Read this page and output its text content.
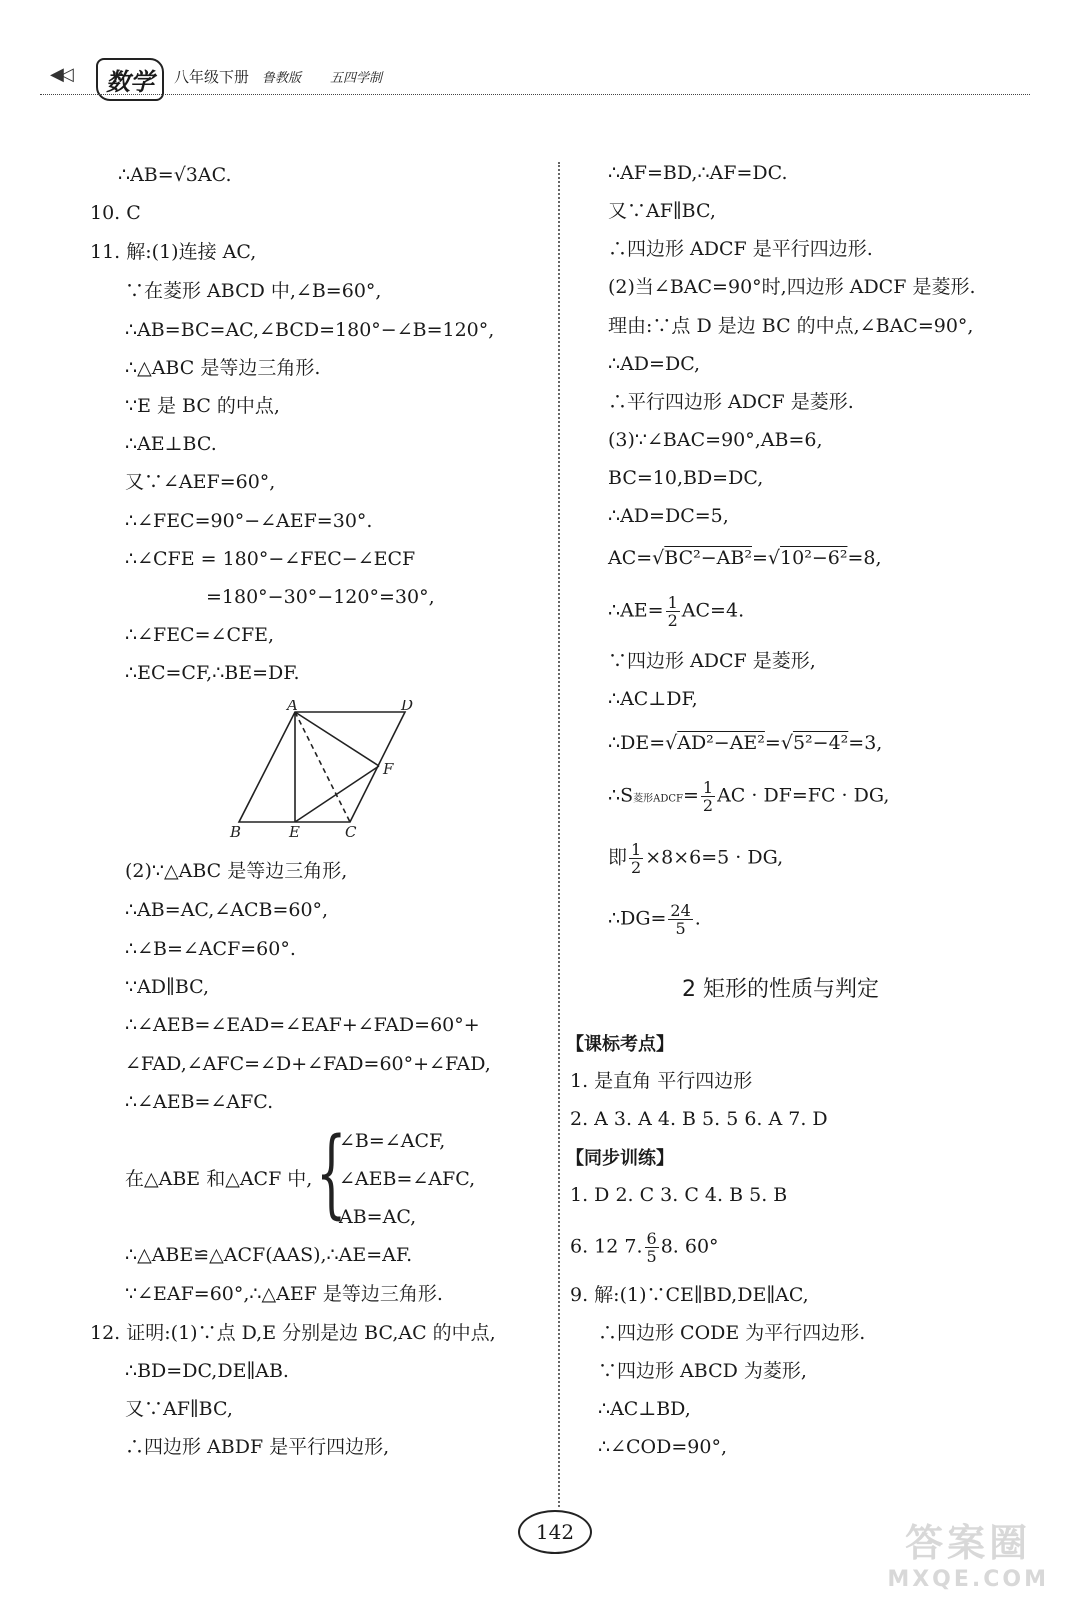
◀◁	数学	八年级下册 鲁教版 五四学制
∴AB=√3AC.
10. C
11. 解:(1)连接 AC,
∵在菱形 ABCD 中,∠B=60°,
∴AB=BC=AC,∠BCD=180°−∠B=120°,
∴△ABC 是等边三角形.
∵E 是 BC 的中点,
∴AE⊥BC.
又∵∠AEF=60°,
∴∠FEC=90°−∠AEF=30°.
∴∠CFE = 180°−∠FEC−∠ECF
=180°−30°−120°=30°,
∴∠FEC=∠CFE,
∴EC=CF,∴BE=DF.
A	D
F
B	E	C
(2)∵△ABC 是等边三角形,
∴AB=AC,∠ACB=60°,
∴∠B=∠ACF=60°.
∵AD∥BC,
∴∠AEB=∠EAD=∠EAF+∠FAD=60°+
∠FAD,∠AFC=∠D+∠FAD=60°+∠FAD,
∴∠AEB=∠AFC.
在△ABE 和△ACF 中, {
∠B=∠ACF,
∠AEB=∠AFC,
AB=AC,
∴△ABE≌△ACF(AAS),∴AE=AF.
∵∠EAF=60°,∴△AEF 是等边三角形.
12. 证明:(1)∵点 D,E 分别是边 BC,AC 的中点,
∴BD=DC,DE∥AB.
又∵AF∥BC,
∴四边形 ABDF 是平行四边形,
∴AF=BD,∴AF=DC.
又∵AF∥BC,
∴四边形 ADCF 是平行四边形.
(2)当∠BAC=90°时,四边形 ADCF 是菱形.
理由:∵点 D 是边 BC 的中点,∠BAC=90°,
∴AD=DC,
∴平行四边形 ADCF 是菱形.
(3)∵∠BAC=90°,AB=6,
BC=10,BD=DC,
∴AD=DC=5,
AC=√BC²−AB²=√10²−6²=8,
∴AE= $\frac{1}{2} AC=4$.
∵四边形 ADCF 是菱形,
∴AC⊥DF,
∴DE=√AD²−AE²=√5²−4²=3,
∴S菱形ADCF= $\frac{1}{2}$ AC · DF=FC · DG,
即 $\frac{1}{2} \times 8\times 6=5$ · DG,
∴DG= $\frac{24}{5}$ .
2 矩形的性质与判定
【课标考点】
1. 是直角 平行四边形
2. A 3. A 4. B 5. 5 6. A 7. D
【同步训练】
1. D 2. C 3. C 4. B 5. B
6. 12 7. $\frac{6}{5} 8$. 60°
9. 解:(1)∵CE∥BD,DE∥AC,
∴四边形 CODE 为平行四边形.
∵四边形 ABCD 为菱形,
∴AC⊥BD,
∴∠COD=90°,
142	答案圈
MXQE.COM
